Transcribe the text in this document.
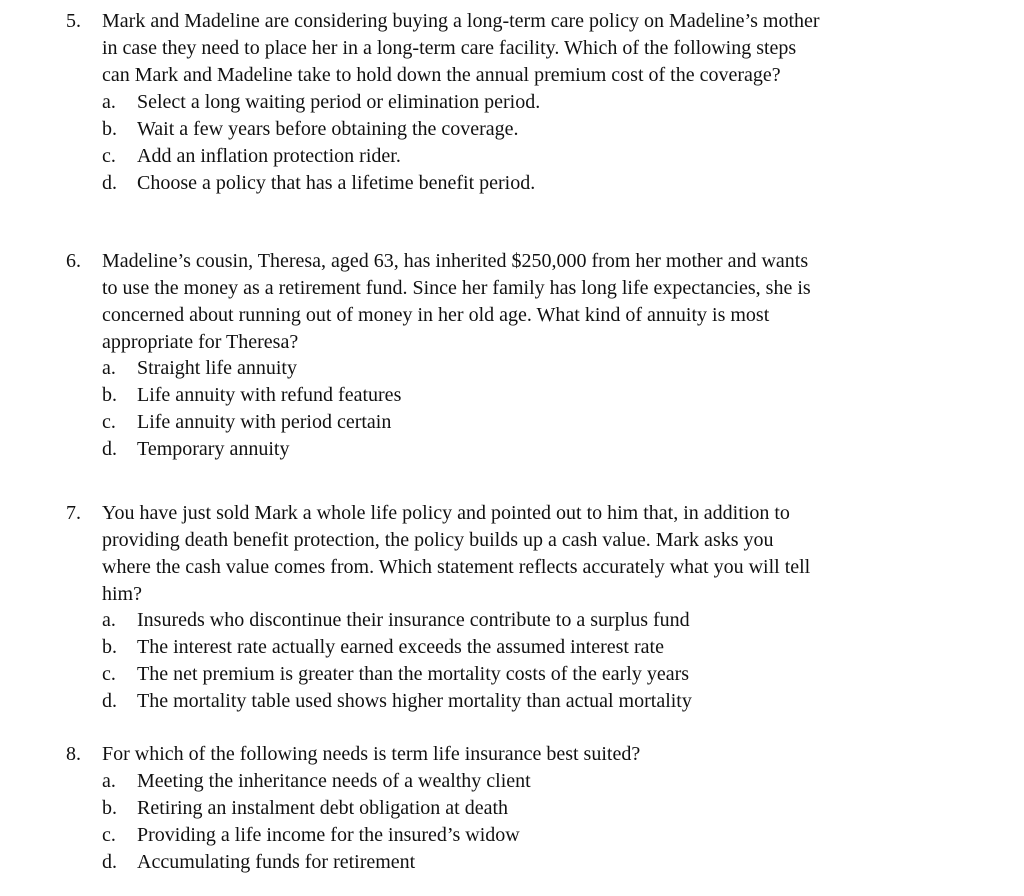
5. Mark and Madeline are considering buying a long-term care policy on Madeline’s mother
in case they need to place her in a long-term care facility. Which of the following steps
can Mark and Madeline take to hold down the annual premium cost of the coverage?
a. Select a long waiting period or elimination period.
b. Wait a few years before obtaining the coverage.
c. Add an inflation protection rider.
d. Choose a policy that has a lifetime benefit period.
6. Madeline’s cousin, Theresa, aged 63, has inherited $250,000 from her mother and wants
to use the money as a retirement fund. Since her family has long life expectancies, she is
concerned about running out of money in her old age. What kind of annuity is most
appropriate for Theresa?
a. Straight life annuity
b. Life annuity with refund features
c. Life annuity with period certain
d. Temporary annuity
7. You have just sold Mark a whole life policy and pointed out to him that, in addition to
providing death benefit protection, the policy builds up a cash value. Mark asks you
where the cash value comes from. Which statement reflects accurately what you will tell
him?
a. Insureds who discontinue their insurance contribute to a surplus fund
b. The interest rate actually earned exceeds the assumed interest rate
c. The net premium is greater than the mortality costs of the early years
d. The mortality table used shows higher mortality than actual mortality
8. For which of the following needs is term life insurance best suited?
a. Meeting the inheritance needs of a wealthy client
b. Retiring an instalment debt obligation at death
c. Providing a life income for the insured’s widow
d. Accumulating funds for retirement
